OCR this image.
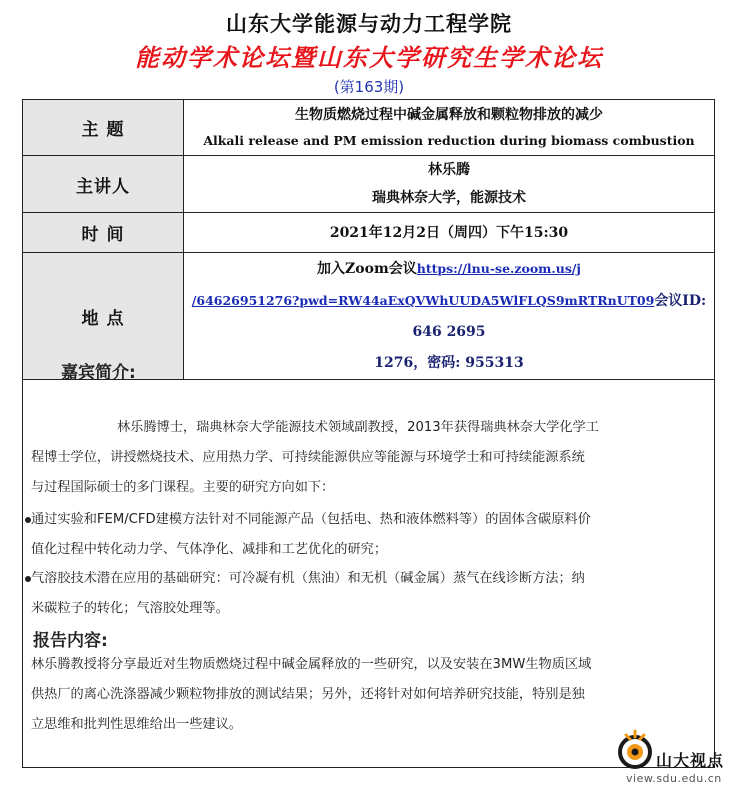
山东大学能源与动力工程学院
能动学术论坛暨山东大学研究生学术论坛
(第163期)
主 题	生物质燃烧过程中碱金属释放和颗粒物排放的减少
Alkali release and PM emission reduction during biomass combustion

主讲人	林乐腾
瑞典林奈大学，能源技术

时 间	2021年12月2日（周四）下午15:30
地 点	加入Zoom会议https://lnu-se.zoom.us/j
/64626951276?pwd=RW44aExQVWhUUDA5WlFLQS9mRTRnUT09会议ID: 646 2695
1276，密码: 955313
嘉宾简介:
林乐腾博士，瑞典林奈大学能源技术领域副教授，2013年获得瑞典林奈大学化学工
程博士学位，讲授燃烧技术、应用热力学、可持续能源供应等能源与环境学士和可持续能源系统
与过程国际硕士的多门课程。主要的研究方向如下：
通过实验和FEM/CFD建模方法针对不同能源产品（包括电、热和液体燃料等）的固体含碳原料价
值化过程中转化动力学、气体净化、减排和工艺优化的研究；
气溶胶技术潜在应用的基础研究：可冷凝有机（焦油）和无机（碱金属）蒸气在线诊断方法；纳
米碳粒子的转化；气溶胶处理等。
报告内容:
林乐腾教授将分享最近对生物质燃烧过程中碱金属释放的一些研究，以及安装在3MW生物质区域
供热厂的离心洗涤器减少颗粒物排放的测试结果；另外，还将针对如何培养研究技能，特别是独
立思维和批判性思维给出一些建议。
山大视点
view.sdu.edu.cn
